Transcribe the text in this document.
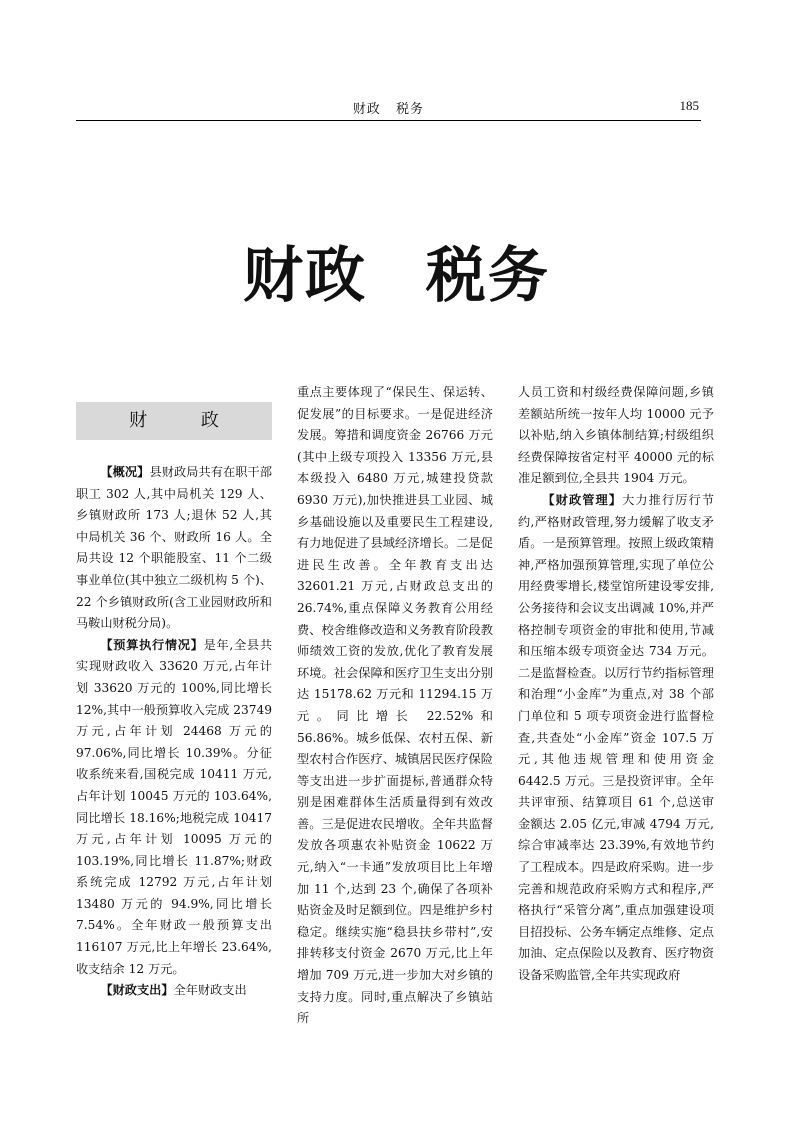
财政 税务	185
财政 税务
财 政

【概况】县财政局共有在职干部职工 302 人,其中局机关 129 人、乡镇财政所 173 人;退休 52 人,其中局机关 36 个、财政所 16 人。全局共设 12 个职能股室、11 个二级事业单位(其中独立二级机构 5 个)、22 个乡镇财政所(含工业园财政所和马鞍山财税分局)。

【预算执行情况】是年,全县共实现财政收入 33620 万元,占年计划 33620 万元的 100%,同比增长 12%,其中一般预算收入完成 23749 万元,占年计划 24468 万元的 97.06%,同比增长 10.39%。分征收系统来看,国税完成 10411 万元,占年计划 10045 万元的 103.64%,同比增长 18.16%;地税完成 10417 万元,占年计划 10095 万元的 103.19%,同比增长 11.87%;财政系统完成 12792 万元,占年计划 13480 万元的 94.9%,同比增长 7.54%。全年财政一般预算支出 116107 万元,比上年增长 23.64%,收支结余 12 万元。

【财政支出】全年财政支出

重点主要体现了“保民生、保运转、促发展”的目标要求。一是促进经济发展。筹措和调度资金 26766 万元(其中上级专项投入 13356 万元,县本级投入 6480 万元,城建投贷款 6930 万元),加快推进县工业园、城乡基础设施以及重要民生工程建设,有力地促进了县域经济增长。二是促进民生改善。全年教育支出达 32601.21 万元,占财政总支出的 26.74%,重点保障义务教育公用经费、校舍维修改造和义务教育阶段教师绩效工资的发放,优化了教育发展环境。社会保障和医疗卫生支出分别达 15178.62 万元和 11294.15 万元。同比增长 22.52%和 56.86%。城乡低保、农村五保、新型农村合作医疗、城镇居民医疗保险等支出进一步扩面提标,普通群众特别是困难群体生活质量得到有效改善。三是促进农民增收。全年共监督发放各项惠农补贴资金 10622 万元,纳入“一卡通”发放项目比上年增加 11 个,达到 23 个,确保了各项补贴资金及时足额到位。四是维护乡村稳定。继续实施“稳县扶乡带村”,安排转移支付资金 2670 万元,比上年增加 709 万元,进一步加大对乡镇的支持力度。同时,重点解决了乡镇站所

人员工资和村级经费保障问题,乡镇差额站所统一按年人均 10000 元予以补贴,纳入乡镇体制结算;村级组织经费保障按省定村平 40000 元的标准足额到位,全县共 1904 万元。

【财政管理】大力推行厉行节约,严格财政管理,努力缓解了收支矛盾。一是预算管理。按照上级政策精神,严格加强预算管理,实现了单位公用经费零增长,楼堂馆所建设零安排,公务接待和会议支出调减 10%,并严格控制专项资金的审批和使用,节减和压缩本级专项资金达 734 万元。二是监督检查。以厉行节约指标管理和治理“小金库”为重点,对 38 个部门单位和 5 项专项资金进行监督检查,共查处“小金库”资金 107.5 万元,其他违规管理和使用资金 6442.5 万元。三是投资评审。全年共评审预、结算项目 61 个,总送审金额达 2.05 亿元,审减 4794 万元,综合审减率达 23.39%,有效地节约了工程成本。四是政府采购。进一步完善和规范政府采购方式和程序,严格执行“采管分离”,重点加强建设项目招投标、公务车辆定点维修、定点加油、定点保险以及教育、医疗物资设备采购监管,全年共实现政府
